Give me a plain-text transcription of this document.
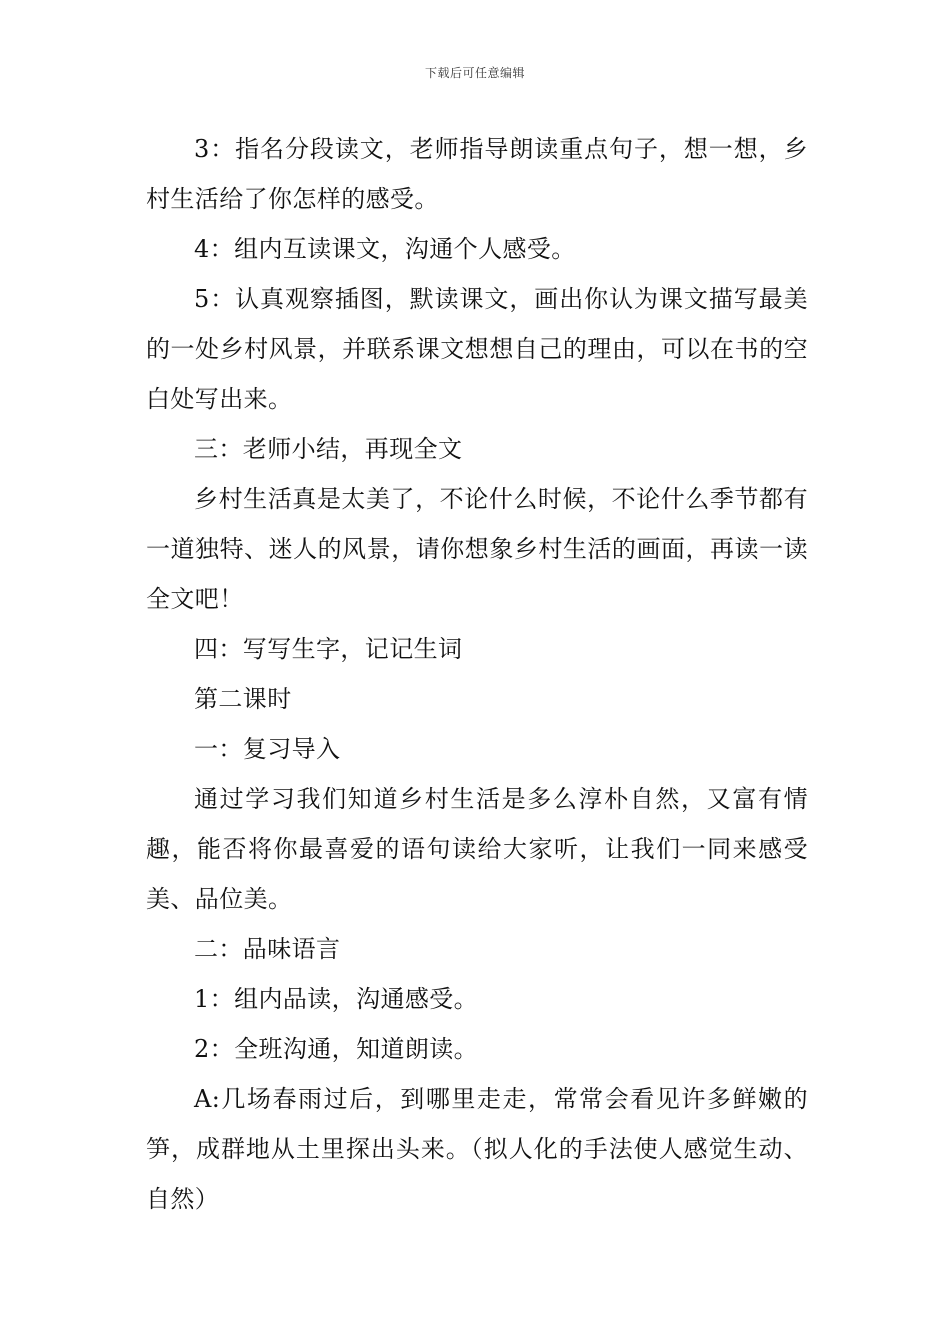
下载后可任意编辑

3：指名分段读文，老师指导朗读重点句子，想一想，乡村生活给了你怎样的感受。

4：组内互读课文，沟通个人感受。

5：认真观察插图，默读课文，画出你认为课文描写最美的一处乡村风景，并联系课文想想自己的理由，可以在书的空白处写出来。

三：老师小结，再现全文

乡村生活真是太美了，不论什么时候，不论什么季节都有一道独特、迷人的风景，请你想象乡村生活的画面，再读一读全文吧！

四：写写生字，记记生词

第二课时

一：复习导入

通过学习我们知道乡村生活是多么淳朴自然，又富有情趣，能否将你最喜爱的语句读给大家听，让我们一同来感受美、品位美。

二：品味语言

1：组内品读，沟通感受。

2：全班沟通，知道朗读。

A:几场春雨过后，到哪里走走，常常会看见许多鲜嫩的笋，成群地从土里探出头来。（拟人化的手法使人感觉生动、自然）
